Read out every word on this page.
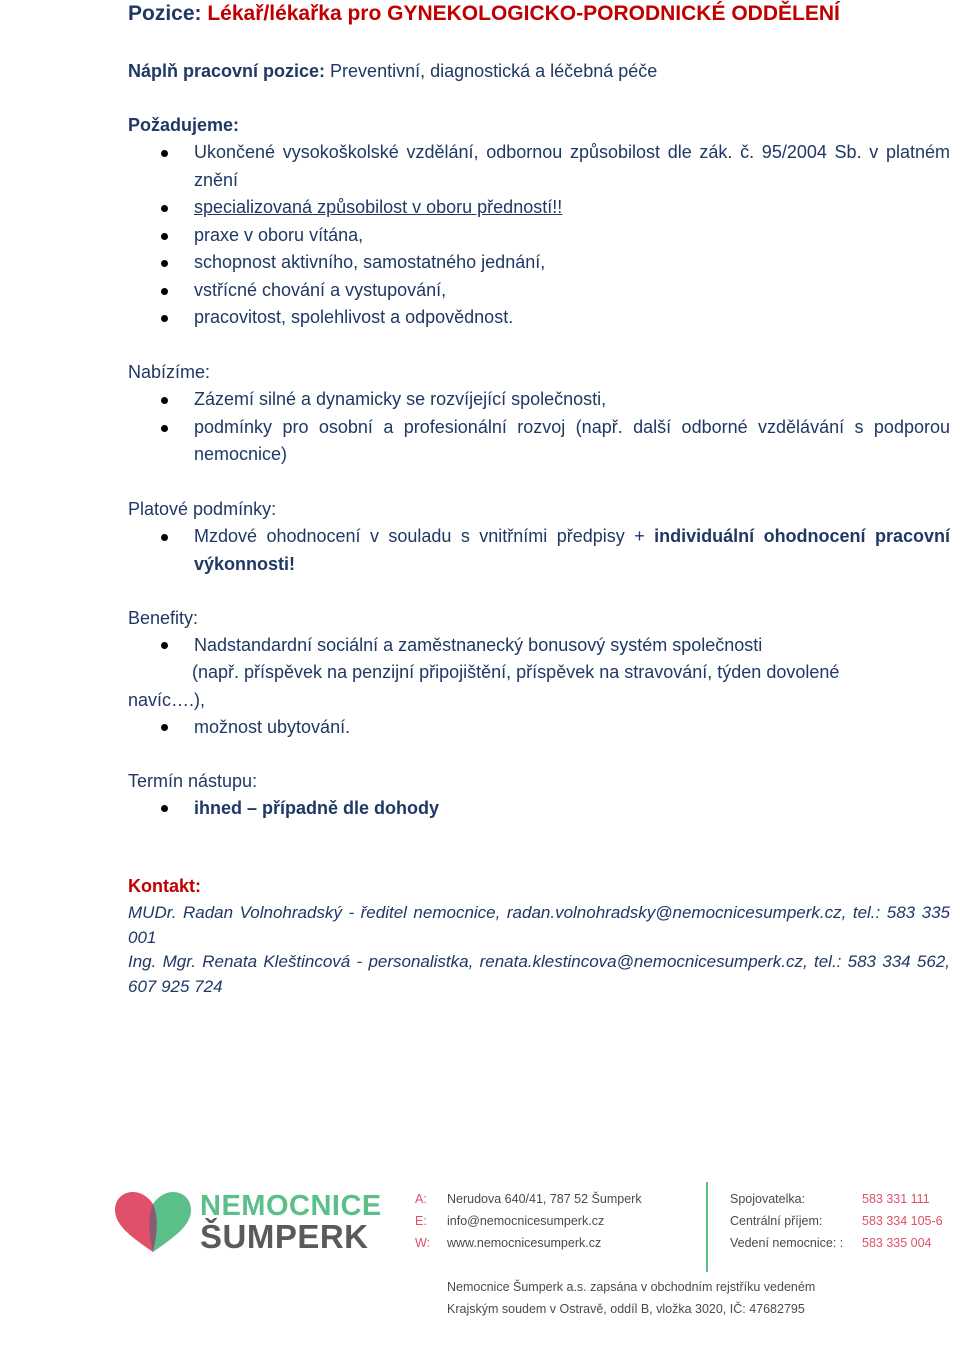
Pozice: Lékař/lékařka pro GYNEKOLOGICKO-PORODNICKÉ ODDĚLENÍ
Náplň pracovní pozice: Preventivní, diagnostická a léčebná péče
Požadujeme:
Ukončené vysokoškolské vzdělání, odbornou způsobilost dle zák. č. 95/2004 Sb. v platném znění
specializovaná způsobilost v oboru předností!!
praxe v oboru vítána,
schopnost aktivního, samostatného jednání,
vstřícné chování a vystupování,
pracovitost, spolehlivost a odpovědnost.
Nabízíme:
Zázemí silné a dynamicky se rozvíjející společnosti,
podmínky pro osobní a profesionální rozvoj (např. další odborné vzdělávání s podporou nemocnice)
Platové podmínky:
Mzdové ohodnocení v souladu s vnitřními předpisy + individuální ohodnocení pracovní výkonnosti!
Benefity:
Nadstandardní sociální a zaměstnanecký bonusový systém společnosti
(např. příspěvek na penzijní připojištění, příspěvek na stravování, týden dovolené
navíc….),
možnost ubytování.
Termín nástupu:
ihned – případně dle dohody
Kontakt:
MUDr. Radan Volnohradský - ředitel nemocnice, radan.volnohradsky@nemocnicesumperk.cz, tel.: 583 335 001
Ing. Mgr. Renata Kleštincová - personalistka, renata.klestincova@nemocnicesumperk.cz, tel.: 583 334 562, 607 925 724
NEMOCNICE
ŠUMPERK
A:
E:
W:
Nerudova 640/41, 787 52 Šumperk
info@nemocnicesumperk.cz
www.nemocnicesumperk.cz
Spojovatelka:
Centrální příjem:
Vedení nemocnice: :
583 331 111
583 334 105-6
583 335 004
Nemocnice Šumperk a.s. zapsána v obchodním rejstříku vedeném
Krajským soudem v Ostravě, oddíl B, vložka 3020, IČ: 47682795
